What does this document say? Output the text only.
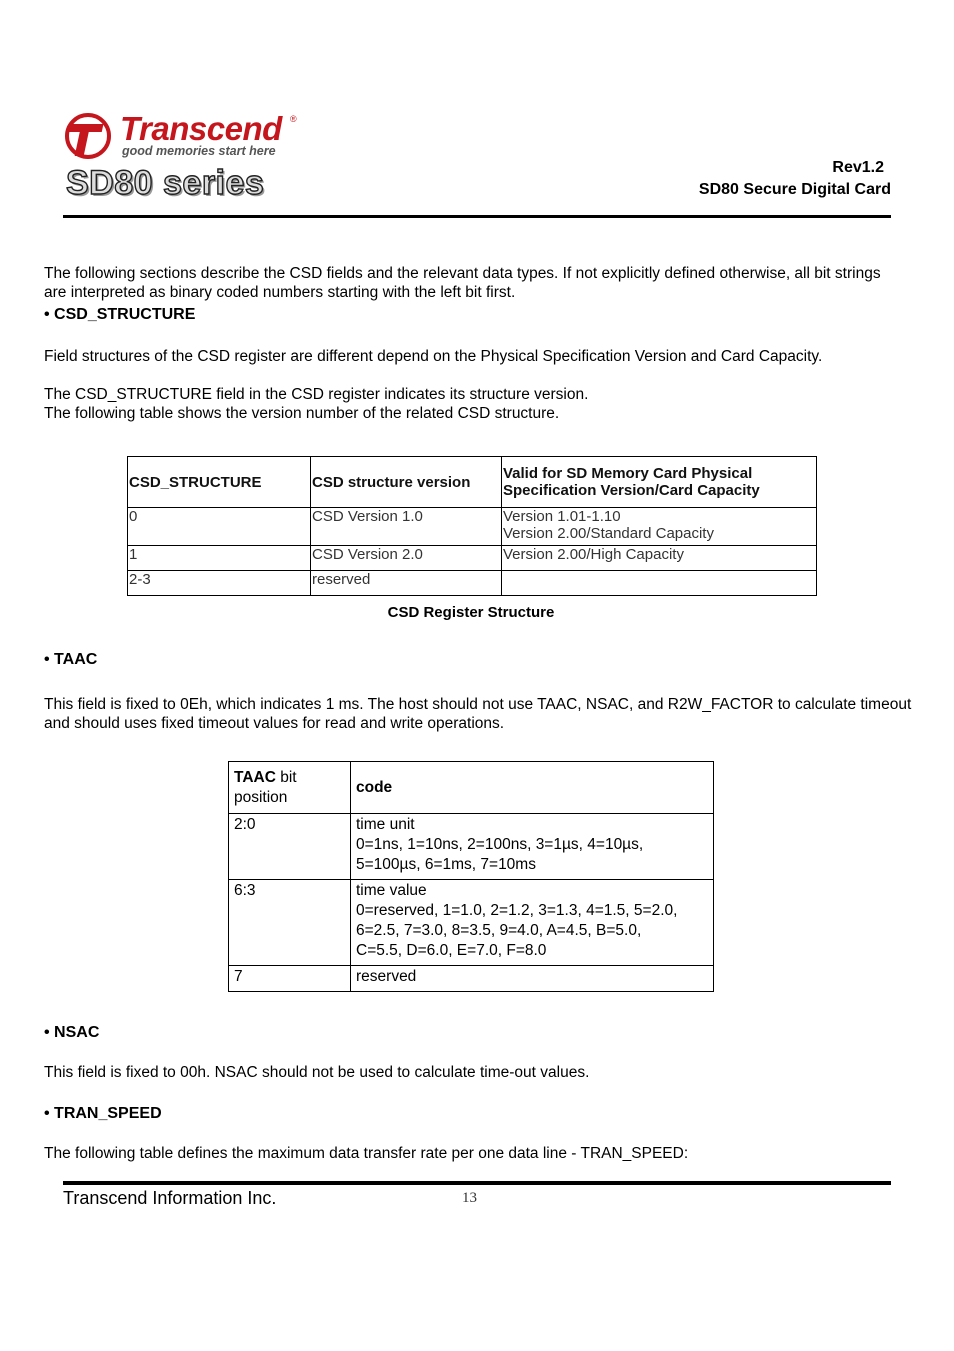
Transcend ®
good memories start here
SD80 series	Rev1.2
SD80 Secure Digital Card
The following sections describe the CSD fields and the relevant data types. If not explicitly defined otherwise, all bit strings are interpreted as binary coded numbers starting with the left bit first.
• CSD_STRUCTURE
Field structures of the CSD register are different depend on the Physical Specification Version and Card Capacity.
The CSD_STRUCTURE field in the CSD register indicates its structure version.
The following table shows the version number of the related CSD structure.
CSD_STRUCTURE	CSD structure version	Valid for SD Memory Card Physical Specification Version/Card Capacity
0	CSD Version 1.0	Version 1.01-1.10
Version 2.00/Standard Capacity

1	CSD Version 2.0	Version 2.00/High Capacity
2-3	reserved	
CSD Register Structure
• TAAC
This field is fixed to 0Eh, which indicates 1 ms. The host should not use TAAC, NSAC, and R2W_FACTOR to calculate timeout and should uses fixed timeout values for read and write operations.
TAAC bit position	code
2:0	time unit
0=1ns, 1=10ns, 2=100ns, 3=1µs, 4=10µs,
5=100µs, 6=1ms, 7=10ms

6:3	time value
0=reserved, 1=1.0, 2=1.2, 3=1.3, 4=1.5, 5=2.0,
6=2.5, 7=3.0, 8=3.5, 9=4.0, A=4.5, B=5.0,
C=5.5, D=6.0, E=7.0, F=8.0

7	reserved
• NSAC
This field is fixed to 00h. NSAC should not be used to calculate time-out values.
• TRAN_SPEED
The following table defines the maximum data transfer rate per one data line - TRAN_SPEED:
Transcend Information Inc.	13
